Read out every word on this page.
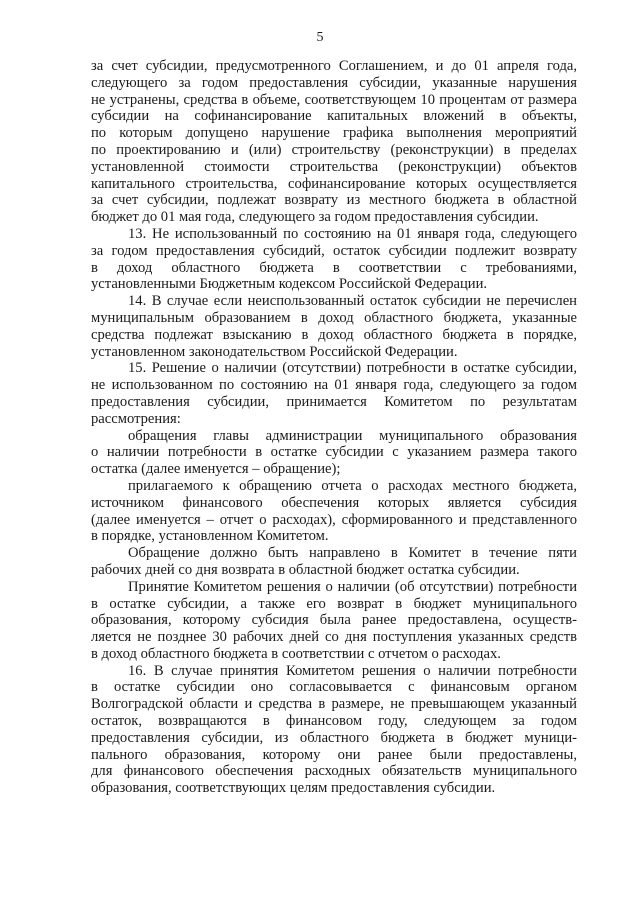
5
за счет субсидии, предусмотренного Соглашением, и до 01 апреля года,
следующего за годом предоставления субсидии, указанные нарушения
не устранены, средства в объеме, соответствующем 10 процентам от размера
субсидии на софинансирование капитальных вложений в объекты,
по которым допущено нарушение графика выполнения мероприятий
по проектированию и (или) строительству (реконструкции) в пределах
установленной стоимости строительства (реконструкции) объектов
капитального строительства, софинансирование которых осуществляется
за счет субсидии, подлежат возврату из местного бюджета в областной
бюджет до 01 мая года, следующего за годом предоставления субсидии.
13. Не использованный по состоянию на 01 января года, следующего
за годом предоставления субсидий, остаток субсидии подлежит возврату
в доход областного бюджета в соответствии с требованиями,
установленными Бюджетным кодексом Российской Федерации.
14. В случае если неиспользованный остаток субсидии не перечислен
муниципальным образованием в доход областного бюджета, указанные
средства подлежат взысканию в доход областного бюджета в порядке,
установленном законодательством Российской Федерации.
15. Решение о наличии (отсутствии) потребности в остатке субсидии,
не использованном по состоянию на 01 января года, следующего за годом
предоставления субсидии, принимается Комитетом по результатам
рассмотрения:
обращения главы администрации муниципального образования
о наличии потребности в остатке субсидии с указанием размера такого
остатка (далее именуется – обращение);
прилагаемого к обращению отчета о расходах местного бюджета,
источником финансового обеспечения которых является субсидия
(далее именуется – отчет о расходах), сформированного и представленного
в порядке, установленном Комитетом.
Обращение должно быть направлено в Комитет в течение пяти
рабочих дней со дня возврата в областной бюджет остатка субсидии.
Принятие Комитетом решения о наличии (об отсутствии) потребности
в остатке субсидии, а также его возврат в бюджет муниципального
образования, которому субсидия была ранее предоставлена, осуществ-
ляется не позднее 30 рабочих дней со дня поступления указанных средств
в доход областного бюджета в соответствии с отчетом о расходах.
16. В случае принятия Комитетом решения о наличии потребности
в остатке субсидии оно согласовывается с финансовым органом
Волгоградской области и средства в размере, не превышающем указанный
остаток, возвращаются в финансовом году, следующем за годом
предоставления субсидии, из областного бюджета в бюджет муници-
пального образования, которому они ранее были предоставлены,
для финансового обеспечения расходных обязательств муниципального
образования, соответствующих целям предоставления субсидии.
